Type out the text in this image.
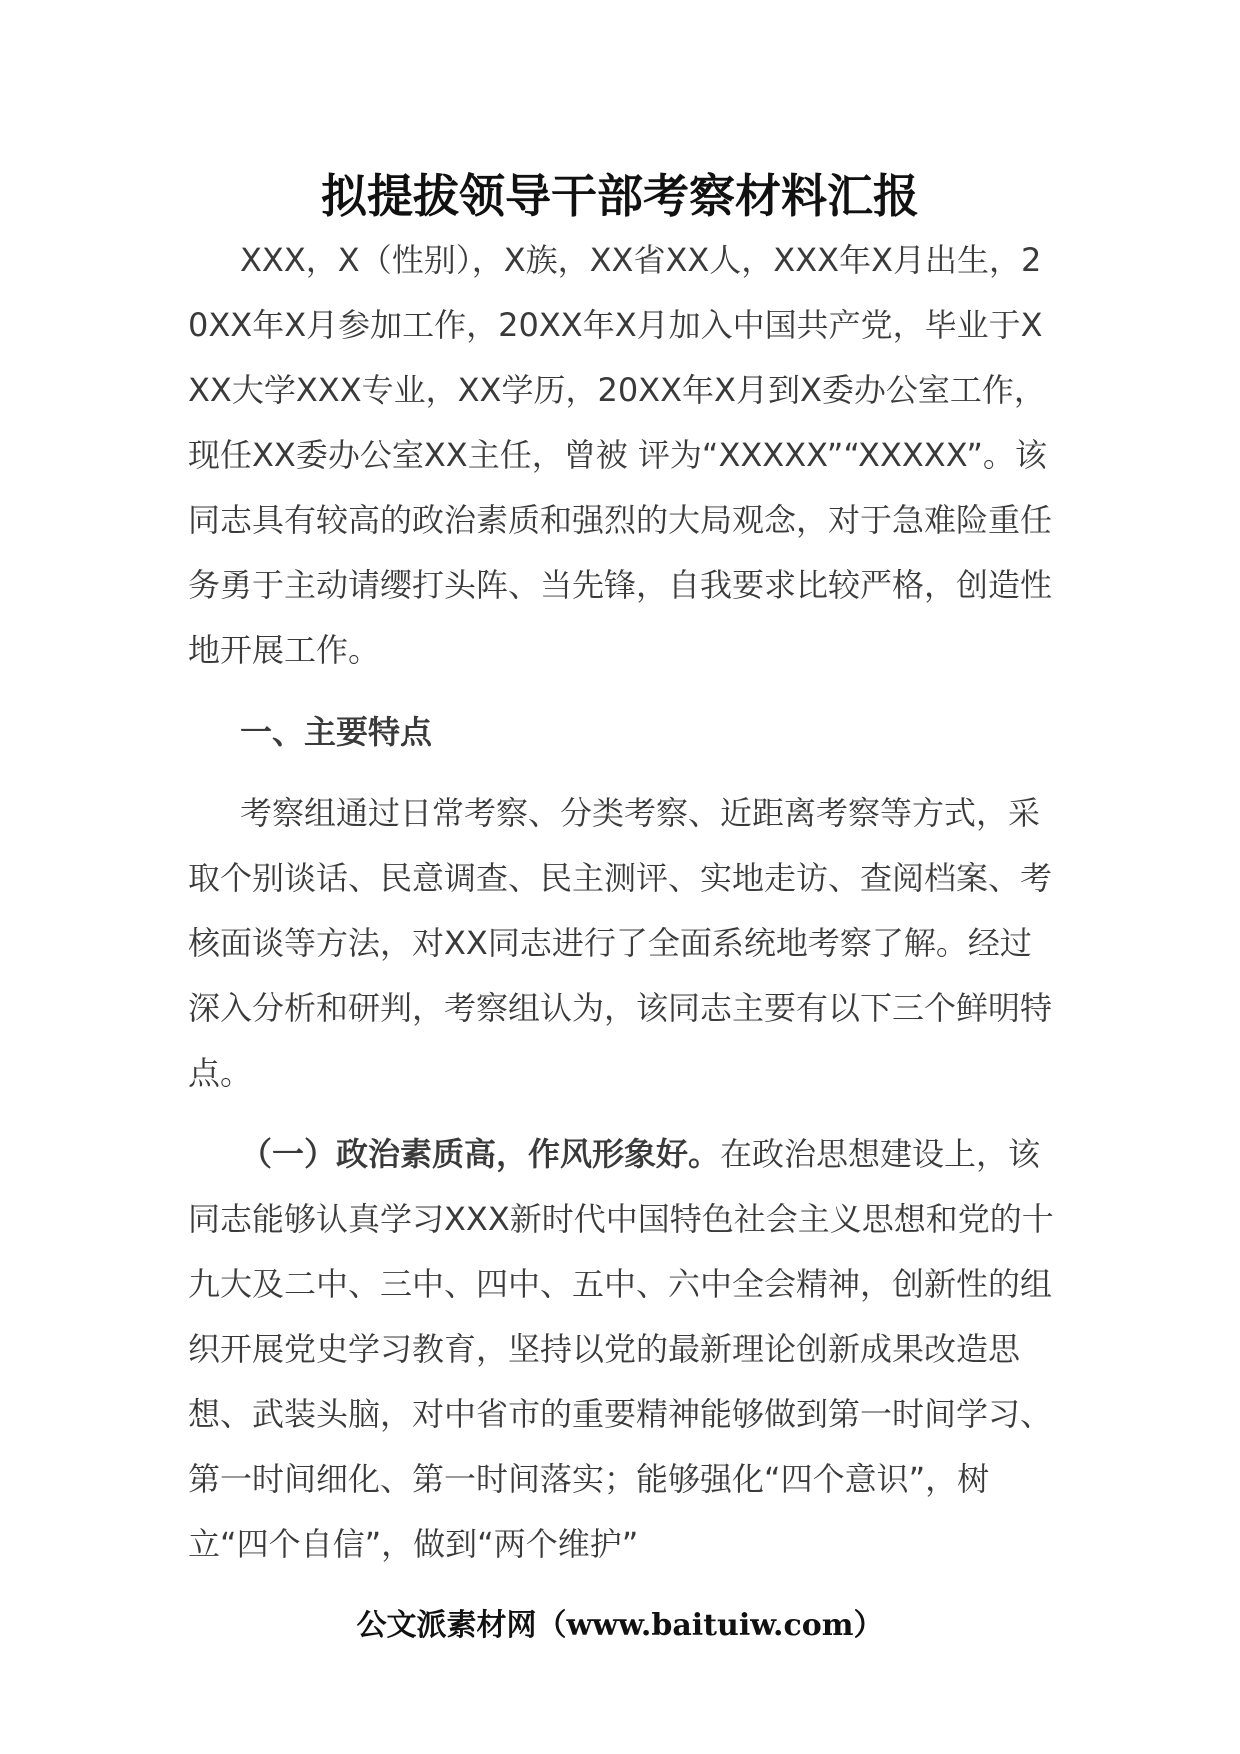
拟提拔领导干部考察材料汇报

XXX，X（性别），X族，XX省XX人，XXX年X月出生，20XX年X月参加工作，20XX年X月加入中国共产党，毕业于XXX大学XXX专业，XX学历，20XX年X月到X委办公室工作，现任XX委办公室XX主任，曾被 评为“XXXXX”“XXXXX”。该同志具有较高的政治素质和强烈的大局观念，对于急难险重任务勇于主动请缨打头阵、当先锋，自我要求比较严格，创造性地开展工作。

一、主要特点

考察组通过日常考察、分类考察、近距离考察等方式，采取个别谈话、民意调查、民主测评、实地走访、查阅档案、考核面谈等方法，对XX同志进行了全面系统地考察了解。经过深入分析和研判，考察组认为，该同志主要有以下三个鲜明特点。

（一）政治素质高，作风形象好。在政治思想建设上，该同志能够认真学习XXX新时代中国特色社会主义思想和党的十九大及二中、三中、四中、五中、六中全会精神，创新性的组织开展党史学习教育，坚持以党的最新理论创新成果改造思想、武装头脑，对中省市的重要精神能够做到第一时间学习、第一时间细化、第一时间落实；能够强化“四个意识”，树立“四个自信”，做到“两个维护”

公文派素材网（www.baituiw.com）
